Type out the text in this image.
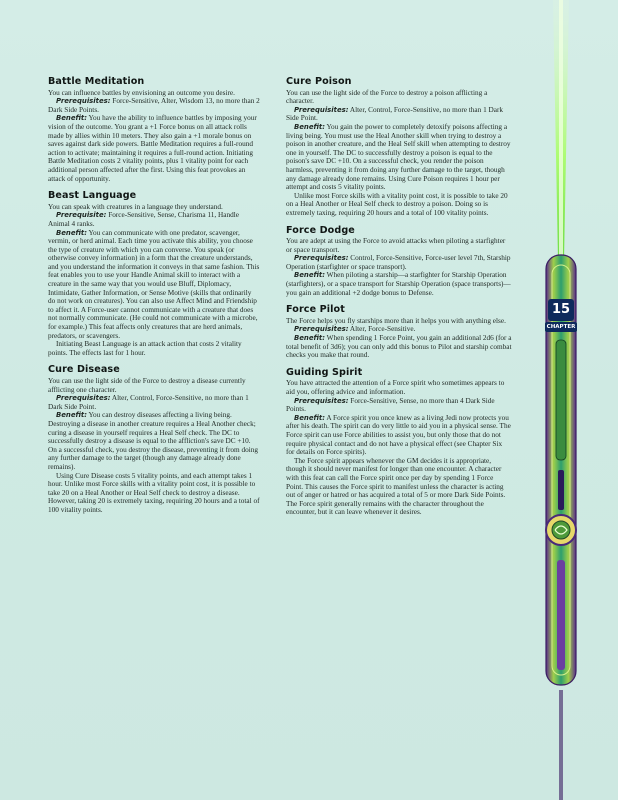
Battle Meditation

You can influence battles by envisioning an outcome you desire.

Prerequisites: Force-Sensitive, Alter, Wisdom 13, no more than 2 Dark Side Points.

Benefit: You have the ability to influence battles by imposing your vision of the outcome. You grant a +1 Force bonus on all attack rolls made by allies within 10 meters. They also gain a +1 morale bonus on saves against dark side powers. Battle Meditation requires a full-round action to activate; maintaining it requires a full-round action. Initiating Battle Meditation costs 2 vitality points, plus 1 vitality point for each additional person affected after the first. Using this feat provokes an attack of opportunity.

Beast Language

You can speak with creatures in a language they understand.

Prerequisite: Force-Sensitive, Sense, Charisma 11, Handle Animal 4 ranks.

Benefit: You can communicate with one predator, scavenger, vermin, or herd animal. Each time you activate this ability, you choose the type of creature with which you can converse. You speak (or otherwise convey information) in a form that the creature understands, and you understand the information it conveys in that same fashion. This feat enables you to use your Handle Animal skill to interact with a creature in the same way that you would use Bluff, Diplomacy, Intimidate, Gather Information, or Sense Motive (skills that ordinarily do not work on creatures). You can also use Affect Mind and Friendship to affect it. A Force-user cannot communicate with a creature that does not normally communicate. (He could not communicate with a microbe, for example.) This feat affects only creatures that are herd animals, predators, or scavengers.

Initiating Beast Language is an attack action that costs 2 vitality points. The effects last for 1 hour.

Cure Disease

You can use the light side of the Force to destroy a disease currently afflicting one character.

Prerequisites: Alter, Control, Force-Sensitive, no more than 1 Dark Side Point.

Benefit: You can destroy diseases affecting a living being. Destroying a disease in another creature requires a Heal Another check; curing a disease in yourself requires a Heal Self check. The DC to successfully destroy a disease is equal to the affliction's save DC +10. On a successful check, you destroy the disease, preventing it from doing any further damage to the target (though any damage already done remains).

Using Cure Disease costs 5 vitality points, and each attempt takes 1 hour. Unlike most Force skills with a vitality point cost, it is possible to take 20 on a Heal Another or Heal Self check to destroy a disease. However, taking 20 is extremely taxing, requiring 20 hours and a total of 100 vitality points.

Cure Poison

You can use the light side of the Force to destroy a poison afflicting a character.

Prerequisites: Alter, Control, Force-Sensitive, no more than 1 Dark Side Point.

Benefit: You gain the power to completely detoxify poisons affecting a living being. You must use the Heal Another skill when trying to destroy a poison in another creature, and the Heal Self skill when attempting to destroy one in yourself. The DC to successfully destroy a poison is equal to the poison's save DC +10. On a successful check, you render the poison harmless, preventing it from doing any further damage to the target, though any damage already done remains. Using Cure Poison requires 1 hour per attempt and costs 5 vitality points.

Unlike most Force skills with a vitality point cost, it is possible to take 20 on a Heal Another or Heal Self check to destroy a poison. Doing so is extremely taxing, requiring 20 hours and a total of 100 vitality points.

Force Dodge

You are adept at using the Force to avoid attacks when piloting a starfighter or space transport.

Prerequisites: Control, Force-Sensitive, Force-user level 7th, Starship Operation (starfighter or space transport).

Benefit: When piloting a starship—a starfighter for Starship Operation (starfighters), or a space transport for Starship Operation (space transports)—you gain an additional +2 dodge bonus to Defense.

Force Pilot

The Force helps you fly starships more than it helps you with anything else.

Prerequisites: Alter, Force-Sensitive.

Benefit: When spending 1 Force Point, you gain an additional 2d6 (for a total benefit of 3d6); you can only add this bonus to Pilot and starship combat checks you make that round.

Guiding Spirit

You have attracted the attention of a Force spirit who sometimes appears to aid you, offering advice and information.

Prerequisites: Force-Sensitive, Sense, no more than 4 Dark Side Points.

Benefit: A Force spirit you once knew as a living Jedi now protects you after his death. The spirit can do very little to aid you in a physical sense. The Force spirit can use Force abilities to assist you, but only those that do not require physical contact and do not have a physical effect (see Chapter Six for details on Force spirits).

The Force spirit appears whenever the GM decides it is appropriate, though it should never manifest for longer than one encounter. A character with this feat can call the Force spirit once per day by spending 1 Force Point. This causes the Force spirit to manifest unless the character is acting out of anger or hatred or has acquired a total of 5 or more Dark Side Points. The Force spirit generally remains with the character throughout the encounter, but it can leave whenever it desires.

15
CHAPTER
